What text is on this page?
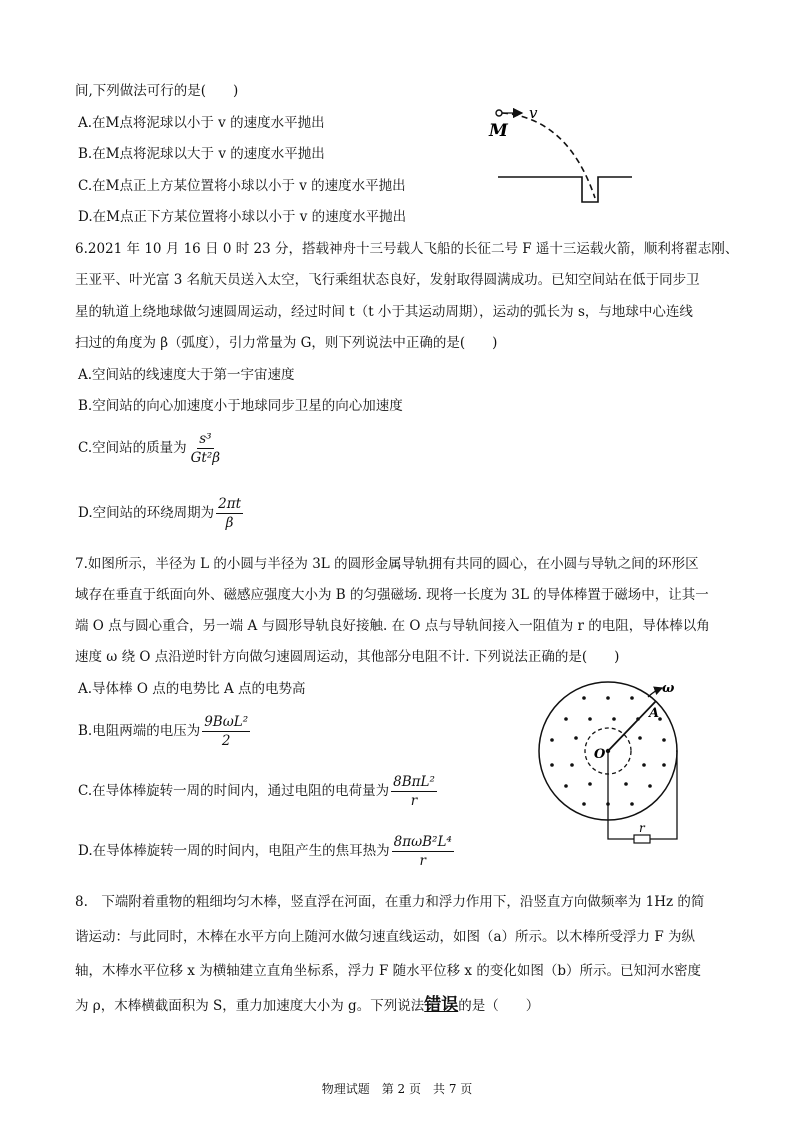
间,下列做法可行的是(　　)
A.在M点将泥球以小于 v 的速度水平抛出
B.在M点将泥球以大于 v 的速度水平抛出
C.在M点正上方某位置将小球以小于 v 的速度水平抛出
D.在M点正下方某位置将小球以小于 v 的速度水平抛出
v
M
6.2021 年 10 月 16 日 0 时 23 分，搭载神舟十三号载人飞船的长征二号 F 遥十三运载火箭，顺利将翟志刚、
王亚平、叶光富 3 名航天员送入太空，飞行乘组状态良好，发射取得圆满成功。已知空间站在低于同步卫
星的轨道上绕地球做匀速圆周运动，经过时间 t（t 小于其运动周期），运动的弧长为 s，与地球中心连线
扫过的角度为 β（弧度），引力常量为 G，则下列说法中正确的是(　　)
A.空间站的线速度大于第一宇宙速度
B.空间站的向心加速度小于地球同步卫星的向心加速度
C.空间站的质量为 $\frac{\text{s³}}{\text{Gt²β}}$
D.空间站的环绕周期为 $\frac{2\pi t}{\beta}$
7.如图所示，半径为 L 的小圆与半径为 3L 的圆形金属导轨拥有共同的圆心，在小圆与导轨之间的环形区
域存在垂直于纸面向外、磁感应强度大小为 B 的匀强磁场. 现将一长度为 3L 的导体棒置于磁场中，让其一
端 O 点与圆心重合，另一端 A 与圆形导轨良好接触. 在 O 点与导轨间接入一阻值为 r 的电阻，导体棒以角
速度 ω 绕 O 点沿逆时针方向做匀速圆周运动，其他部分电阻不计. 下列说法正确的是(　　)
A.导体棒 O 点的电势比 A 点的电势高
B.电阻两端的电压为 $\frac{\text{9BωL²}}{2}$
C.在导体棒旋转一周的时间内，通过电阻的电荷量为 $\frac{\text{8BπL²}}{r}$
D.在导体棒旋转一周的时间内，电阻产生的焦耳热为 $\frac{\text{8πωB²L⁴}}{r}$
ω
A
O
r
8.　下端附着重物的粗细均匀木棒，竖直浮在河面，在重力和浮力作用下，沿竖直方向做频率为 1Hz 的简
谐运动：与此同时，木棒在水平方向上随河水做匀速直线运动，如图（a）所示。以木棒所受浮力 F 为纵
轴，木棒水平位移 x 为横轴建立直角坐标系，浮力 F 随水平位移 x 的变化如图（b）所示。已知河水密度
为 ρ，木棒横截面积为 S，重力加速度大小为 g。下列说法错误的是（　　）
物理试题　第 2 页　共 7 页
